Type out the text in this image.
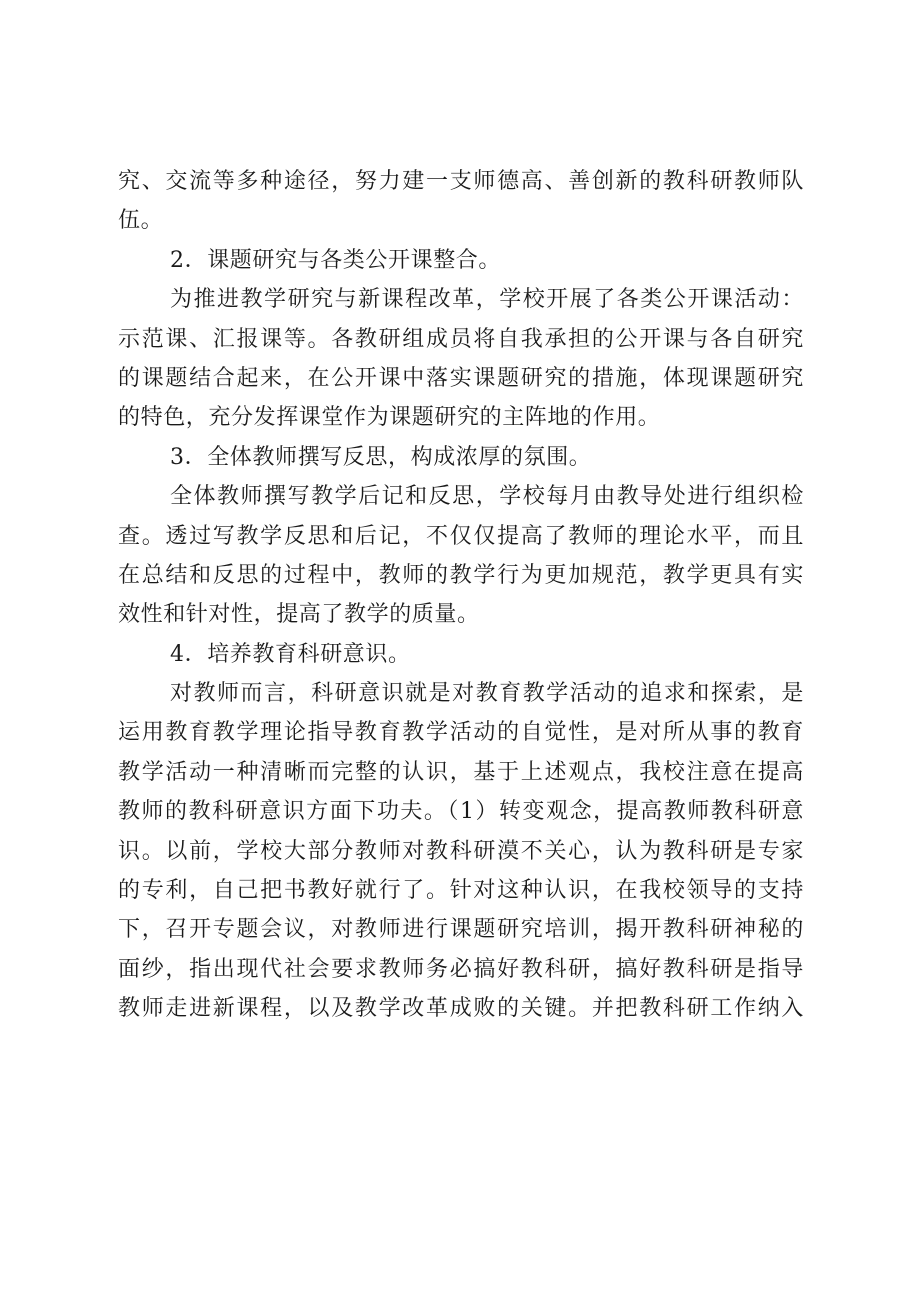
究、交流等多种途径，努力建一支师德高、善创新的教科研教师队
伍。
2．课题研究与各类公开课整合。
为推进教学研究与新课程改革，学校开展了各类公开课活动：
示范课、汇报课等。各教研组成员将自我承担的公开课与各自研究
的课题结合起来，在公开课中落实课题研究的措施，体现课题研究
的特色，充分发挥课堂作为课题研究的主阵地的作用。
3．全体教师撰写反思，构成浓厚的氛围。
全体教师撰写教学后记和反思，学校每月由教导处进行组织检
查。透过写教学反思和后记，不仅仅提高了教师的理论水平，而且
在总结和反思的过程中，教师的教学行为更加规范，教学更具有实
效性和针对性，提高了教学的质量。
4．培养教育科研意识。
对教师而言，科研意识就是对教育教学活动的追求和探索，是
运用教育教学理论指导教育教学活动的自觉性，是对所从事的教育
教学活动一种清晰而完整的认识，基于上述观点，我校注意在提高
教师的教科研意识方面下功夫。（1）转变观念，提高教师教科研意
识。以前，学校大部分教师对教科研漠不关心，认为教科研是专家
的专利，自己把书教好就行了。针对这种认识，在我校领导的支持
下，召开专题会议，对教师进行课题研究培训，揭开教科研神秘的
面纱，指出现代社会要求教师务必搞好教科研，搞好教科研是指导
教师走进新课程，以及教学改革成败的关键。并把教科研工作纳入
